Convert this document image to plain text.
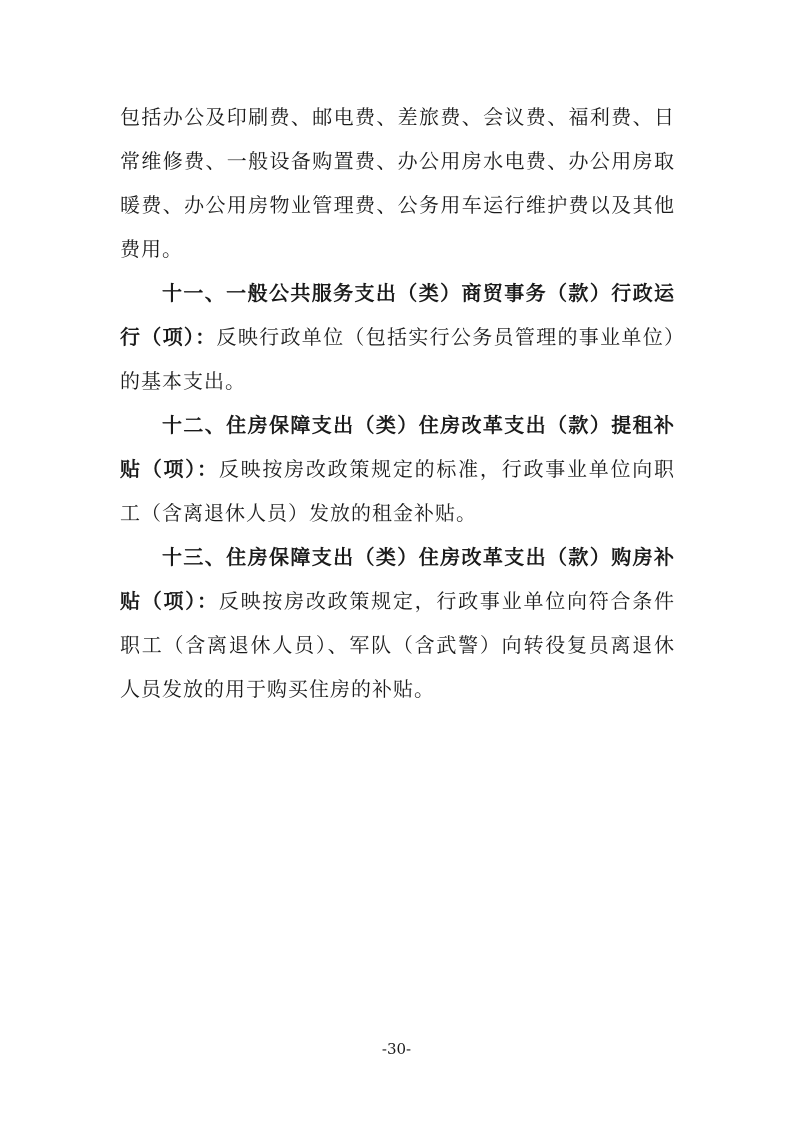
包括办公及印刷费、邮电费、差旅费、会议费、福利费、日常维修费、一般设备购置费、办公用房水电费、办公用房取暖费、办公用房物业管理费、公务用车运行维护费以及其他费用。

十一、一般公共服务支出（类）商贸事务（款）行政运行（项）：反映行政单位（包括实行公务员管理的事业单位）的基本支出。

十二、住房保障支出（类）住房改革支出（款）提租补贴（项）：反映按房改政策规定的标准，行政事业单位向职工（含离退休人员）发放的租金补贴。

十三、住房保障支出（类）住房改革支出（款）购房补贴（项）：反映按房改政策规定，行政事业单位向符合条件职工（含离退休人员）、军队（含武警）向转役复员离退休人员发放的用于购买住房的补贴。

-30-
